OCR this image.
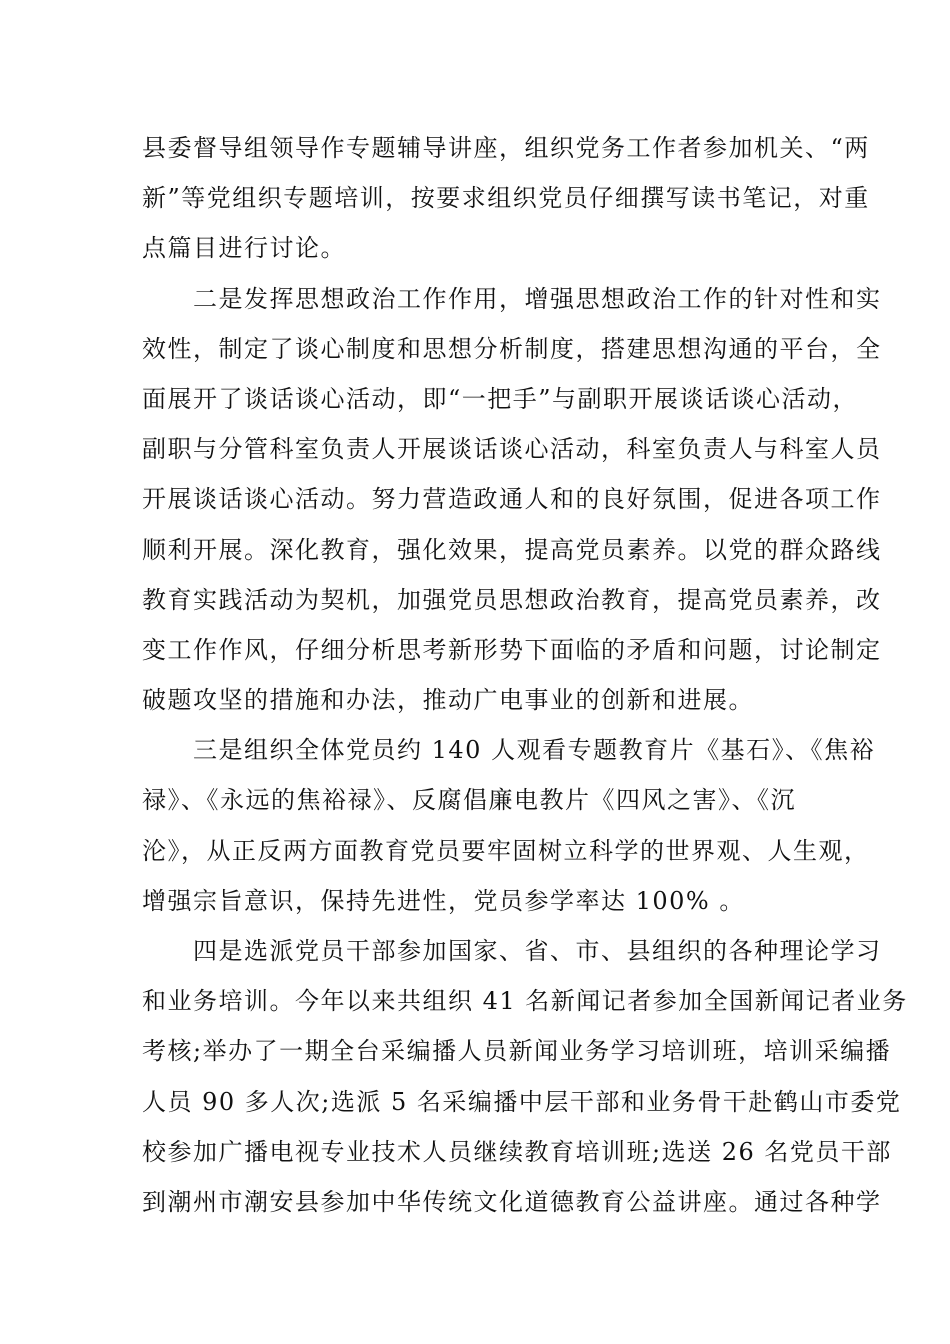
县委督导组领导作专题辅导讲座，组织党务工作者参加机关、“两
新”等党组织专题培训，按要求组织党员仔细撰写读书笔记，对重
点篇目进行讨论。
　　二是发挥思想政治工作作用，增强思想政治工作的针对性和实
效性，制定了谈心制度和思想分析制度，搭建思想沟通的平台，全
面展开了谈话谈心活动，即“一把手”与副职开展谈话谈心活动，
副职与分管科室负责人开展谈话谈心活动，科室负责人与科室人员
开展谈话谈心活动。努力营造政通人和的良好氛围，促进各项工作
顺利开展。深化教育，强化效果，提高党员素养。以党的群众路线
教育实践活动为契机，加强党员思想政治教育，提高党员素养，改
变工作作风，仔细分析思考新形势下面临的矛盾和问题，讨论制定
破题攻坚的措施和办法，推动广电事业的创新和进展。
　　三是组织全体党员约 140 人观看专题教育片《基石》、《焦裕
禄》、《永远的焦裕禄》、反腐倡廉电教片《四风之害》、《沉
沦》，从正反两方面教育党员要牢固树立科学的世界观、人生观，
增强宗旨意识，保持先进性，党员参学率达 100% 。
　　四是选派党员干部参加国家、省、市、县组织的各种理论学习
和业务培训。今年以来共组织 41 名新闻记者参加全国新闻记者业务
考核;举办了一期全台采编播人员新闻业务学习培训班，培训采编播
人员 90 多人次;选派 5 名采编播中层干部和业务骨干赴鹤山市委党
校参加广播电视专业技术人员继续教育培训班;选送 26 名党员干部
到潮州市潮安县参加中华传统文化道德教育公益讲座。通过各种学
